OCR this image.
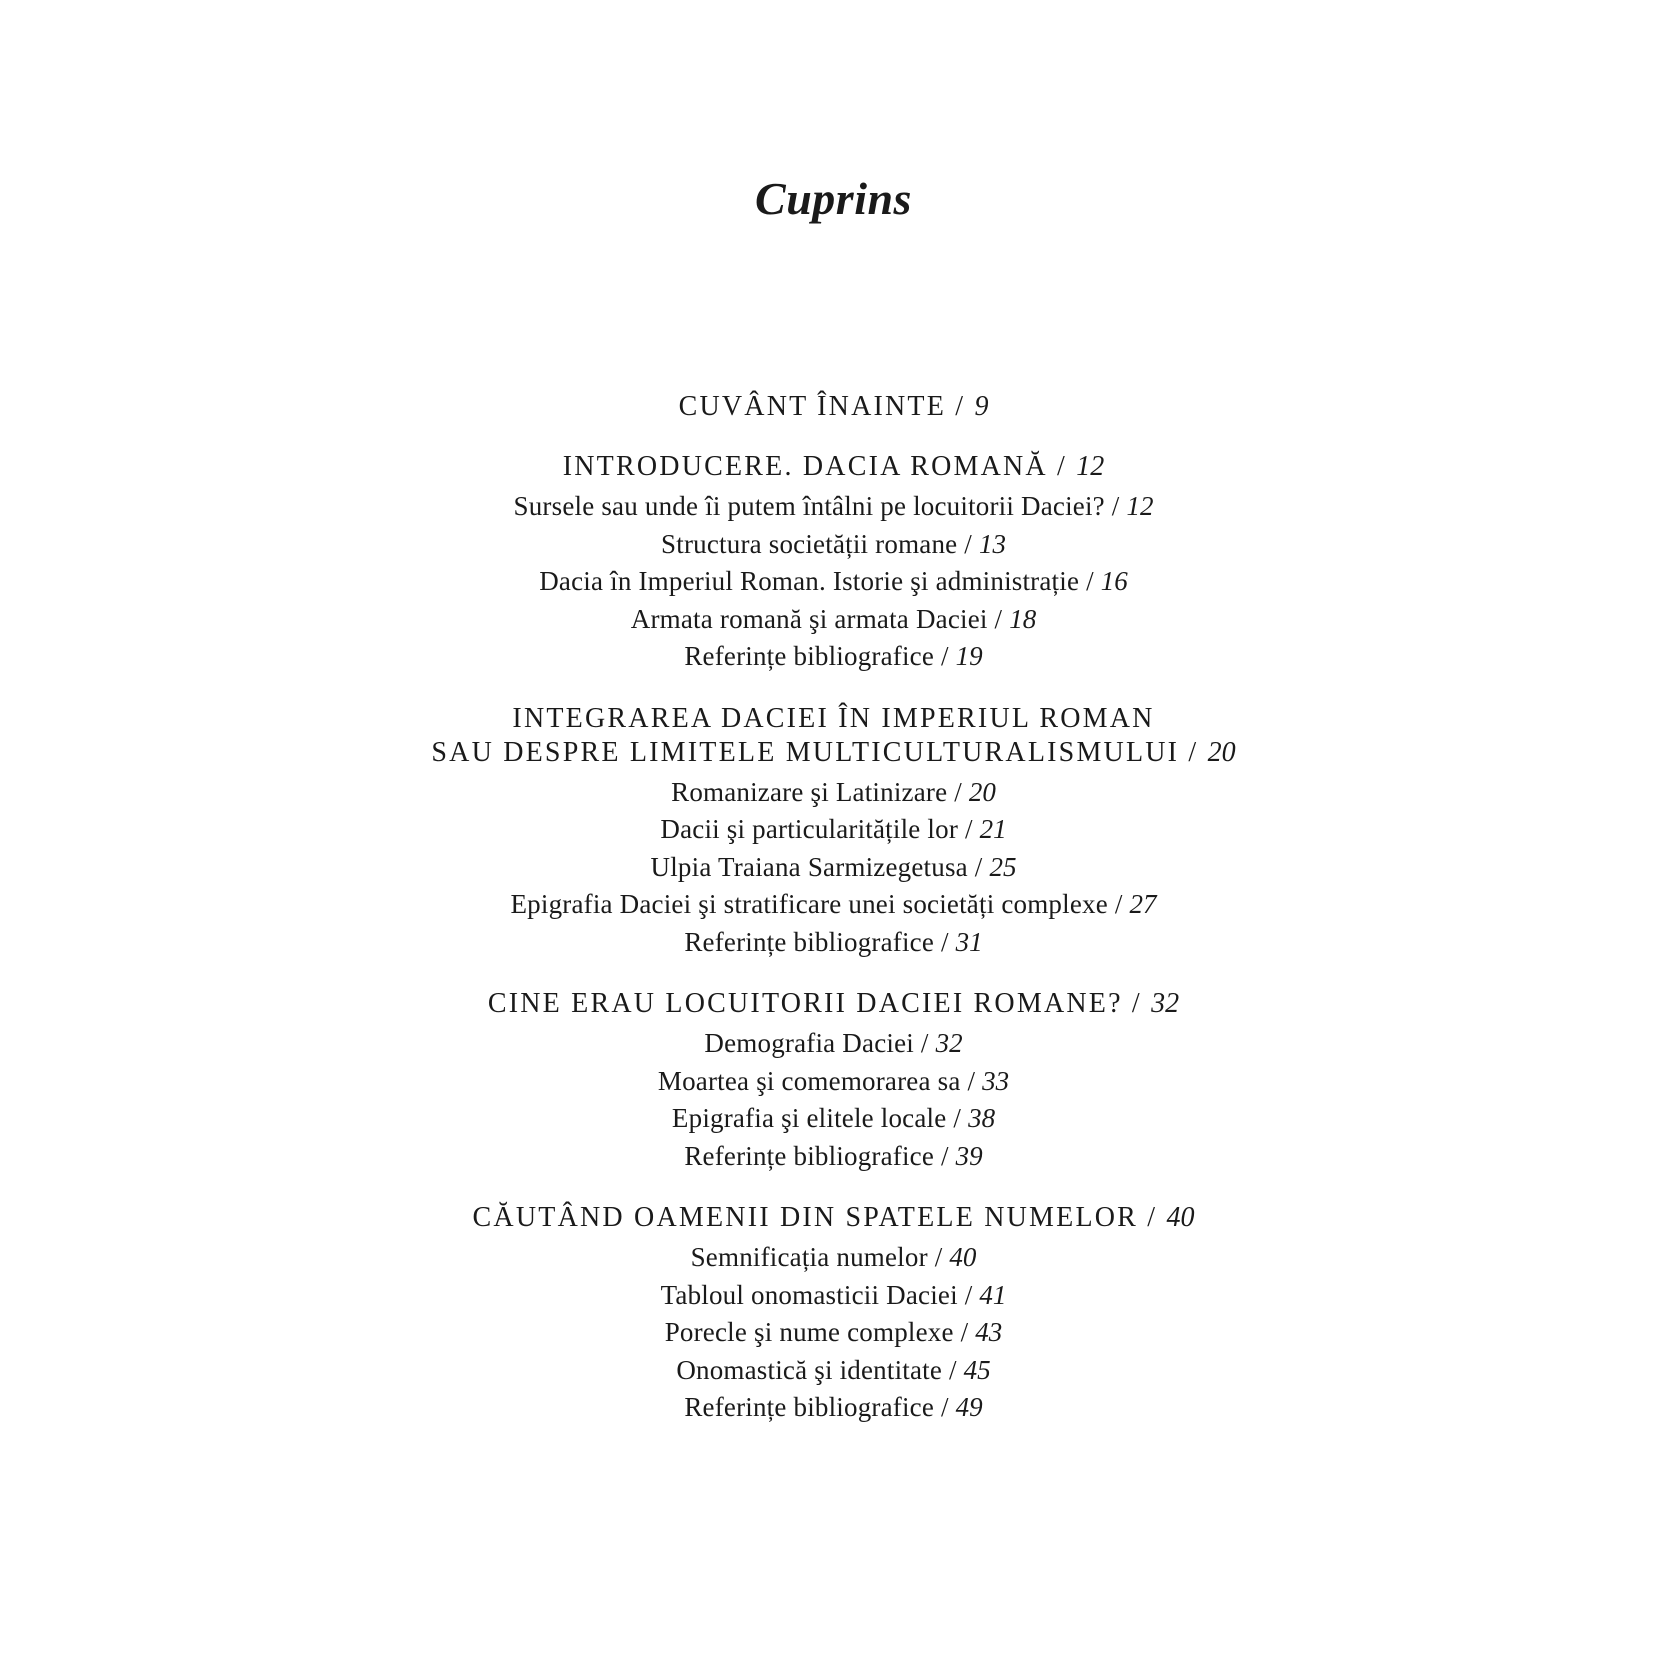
Cuprins
CUVÂNT ÎNAINTE / 9
INTRODUCERE. DACIA ROMANĂ / 12
Sursele sau unde îi putem întâlni pe locuitorii Daciei? / 12
Structura societății romane / 13
Dacia în Imperiul Roman. Istorie şi administrație / 16
Armata romană şi armata Daciei / 18
Referințe bibliografice / 19
INTEGRAREA DACIEI ÎN IMPERIUL ROMAN
SAU DESPRE LIMITELE MULTICULTURALISMULUI / 20
Romanizare şi Latinizare / 20
Dacii şi particularitățile lor / 21
Ulpia Traiana Sarmizegetusa / 25
Epigrafia Daciei şi stratificare unei societăți complexe / 27
Referințe bibliografice / 31
CINE ERAU LOCUITORII DACIEI ROMANE? / 32
Demografia Daciei / 32
Moartea şi comemorarea sa / 33
Epigrafia şi elitele locale / 38
Referințe bibliografice / 39
CĂUTÂND OAMENII DIN SPATELE NUMELOR / 40
Semnificația numelor / 40
Tabloul onomasticii Daciei / 41
Porecle şi nume complexe / 43
Onomastică şi identitate / 45
Referințe bibliografice / 49
